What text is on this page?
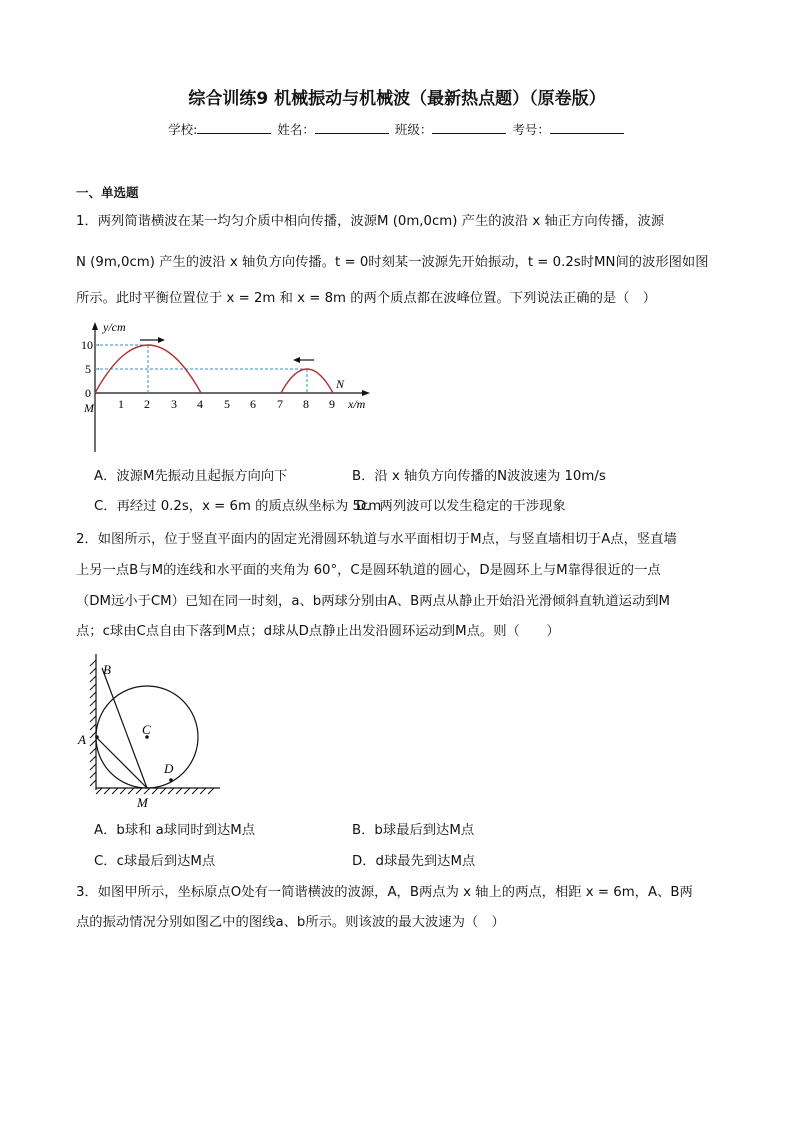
综合训练9 机械振动与机械波（最新热点题）（原卷版）
学校:	姓名：	班级：	考号：
一、单选题
1．两列简谐横波在某一均匀介质中相向传播，波源M (0m,0cm) 产生的波沿 x 轴正方向传播，波源
N (9m,0cm) 产生的波沿 x 轴负方向传播。t = 0时刻某一波源先开始振动，t = 0.2s时MN间的波形图如图
所示。此时平衡位置位于 x = 2m 和 x = 8m 的两个质点都在波峰位置。下列说法正确的是（　）
y/cm
x/m
10
5
0
M 1 2 3 4 5 6 7 8 9
N
A．波源M先振动且起振方向向下	B．沿 x 轴负方向传播的N波波速为 10m/s
C．再经过 0.2s，x = 6m 的质点纵坐标为 5cm
D．两列波可以发生稳定的干涉现象
2．如图所示，位于竖直平面内的固定光滑圆环轨道与水平面相切于M点，与竖直墙相切于A点，竖直墙
上另一点B与M的连线和水平面的夹角为 60°，C是圆环轨道的圆心，D是圆环上与M靠得很近的一点
（DM远小于CM）已知在同一时刻，a、b两球分别由A、B两点从静止开始沿光滑倾斜直轨道运动到M
点；c球由C点自由下落到M点；d球从D点静止出发沿圆环运动到M点。则（　　）
B
A
C
D
M
A．b球和 a球同时到达M点	B．b球最后到达M点
C．c球最后到达M点	D．d球最先到达M点
3．如图甲所示，坐标原点O处有一简谐横波的波源，A，B两点为 x 轴上的两点，相距 x = 6m，A、B两
点的振动情况分别如图乙中的图线a、b所示。则该波的最大波速为（　）
